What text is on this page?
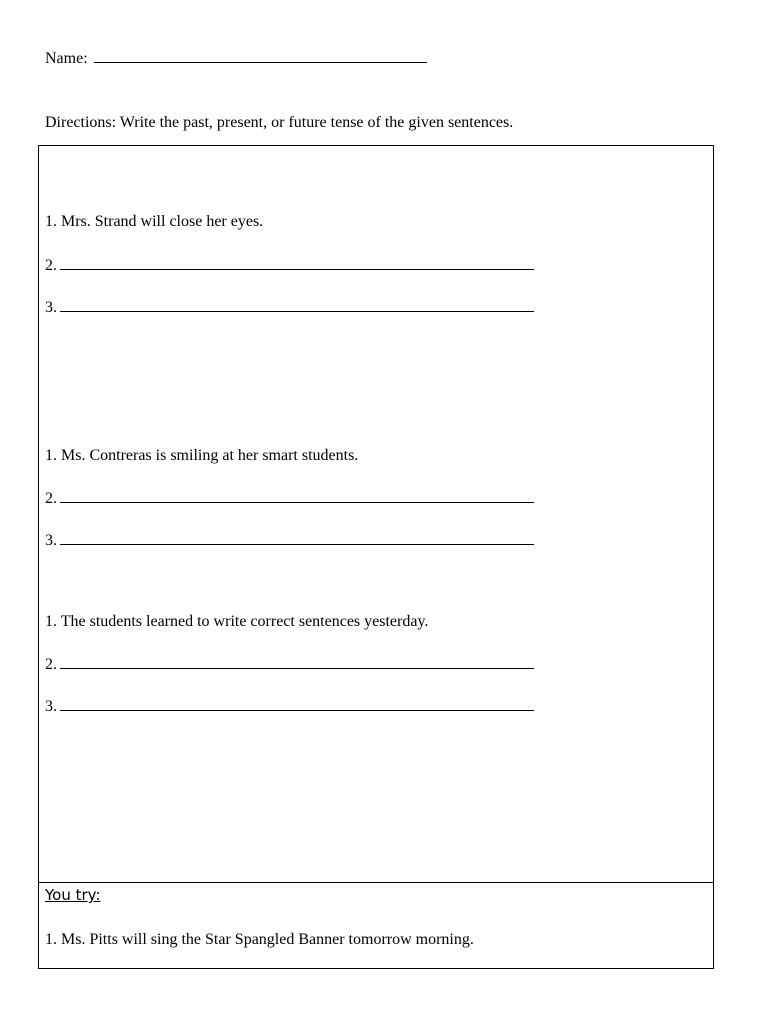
Name:
Directions: Write the past, present, or future tense of the given sentences.
1. Mrs. Strand will close her eyes.
2.
3.
1. Ms. Contreras is smiling at her smart students.
2.
3.
1. The students learned to write correct sentences yesterday.
2.
3.
You try:
1. Ms. Pitts will sing the Star Spangled Banner tomorrow morning.
